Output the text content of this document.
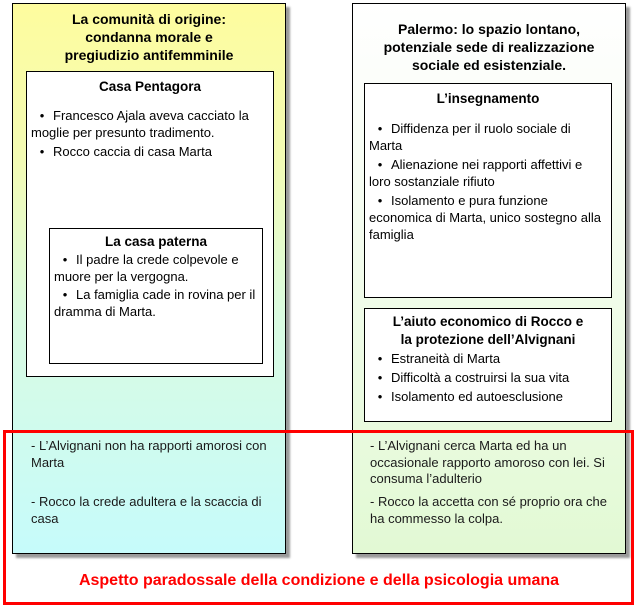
La comunità di origine:
condanna morale e
pregiudizio antifemminile
Casa Pentagora
• Francesco Ajala aveva cacciato la moglie per presunto tradimento.
• Rocco caccia di casa Marta
La casa paterna
• Il padre la crede colpevole e muore per la vergogna.
• La famiglia cade in rovina per il dramma di Marta.
- L’Alvignani non ha rapporti amorosi con Marta
- Rocco la crede adultera e la scaccia di casa
Palermo: lo spazio lontano,
potenziale sede di realizzazione
sociale ed esistenziale.
L’insegnamento
• Diffidenza per il ruolo sociale di Marta
• Alienazione nei rapporti affettivi e loro sostanziale rifiuto
• Isolamento e pura funzione economica di Marta, unico sostegno alla famiglia
L’aiuto economico di Rocco e
la protezione dell’Alvignani
• Estraneità di Marta
• Difficoltà a costruirsi la sua vita
• Isolamento ed autoesclusione
- L’Alvignani cerca Marta ed ha un occasionale rapporto amoroso con lei. Si consuma l’adulterio
- Rocco la accetta con sé proprio ora che ha commesso la colpa.
Aspetto paradossale della condizione e della psicologia umana
